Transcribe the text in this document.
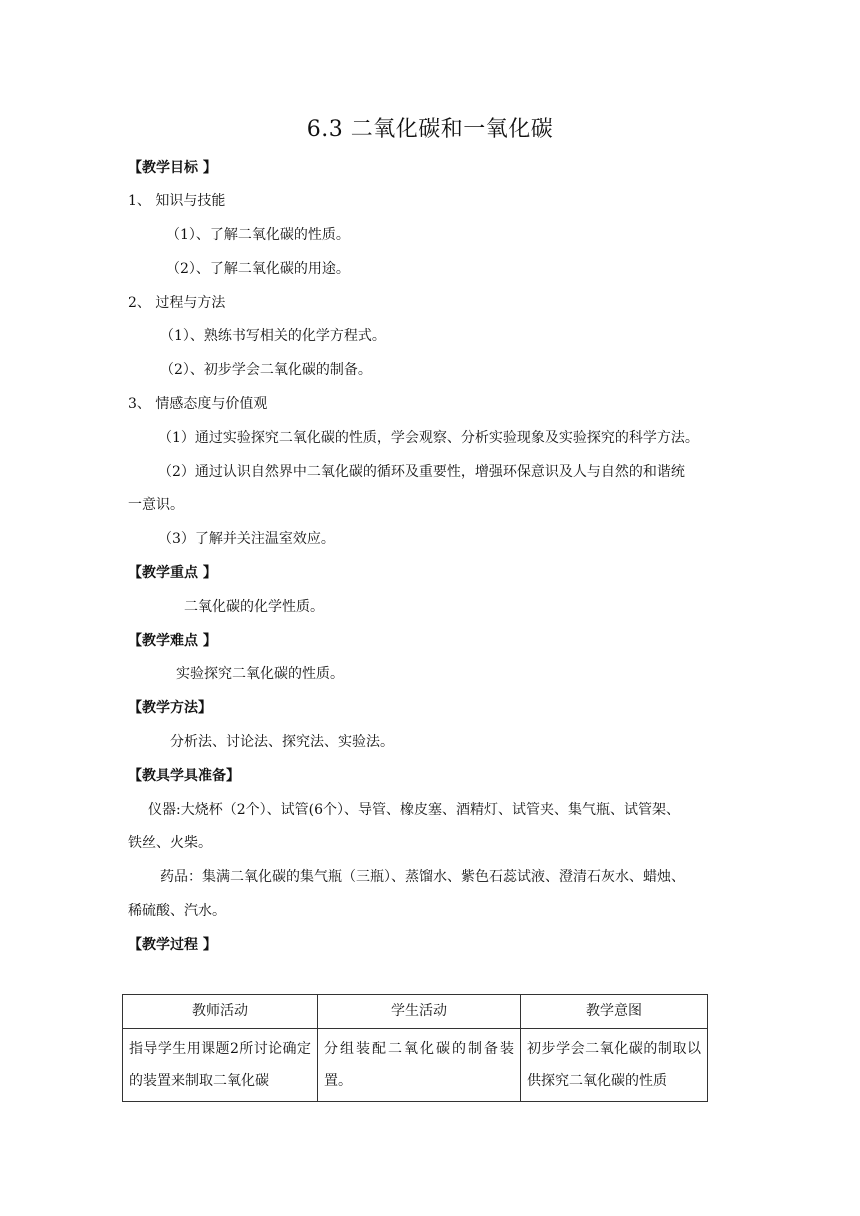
6.3 二氧化碳和一氧化碳
【教学目标 】
1、 知识与技能
（1）、了解二氧化碳的性质。
（2）、了解二氧化碳的用途。
2、 过程与方法
（1）、熟练书写相关的化学方程式。
（2）、初步学会二氧化碳的制备。
3、 情感态度与价值观
（1）通过实验探究二氧化碳的性质，学会观察、分析实验现象及实验探究的科学方法。
（2）通过认识自然界中二氧化碳的循环及重要性，增强环保意识及人与自然的和谐统
一意识。
（3）了解并关注温室效应。
【教学重点 】
二氧化碳的化学性质。
【教学难点 】
实验探究二氧化碳的性质。
【教学方法】
分析法、讨论法、探究法、实验法。
【教具学具准备】
仪器:大烧杯（2个）、试管(6个）、导管、橡皮塞、酒精灯、试管夹、集气瓶、试管架、
铁丝、火柴。
药品：集满二氧化碳的集气瓶（三瓶）、蒸馏水、紫色石蕊试液、澄清石灰水、蜡烛、
稀硫酸、汽水。
【教学过程 】
教师活动	学生活动	教学意图
指导学生用课题2所讨论确定的装置来制取二氧化碳	分组装配二氧化碳的制备装置。	初步学会二氧化碳的制取以供探究二氧化碳的性质
